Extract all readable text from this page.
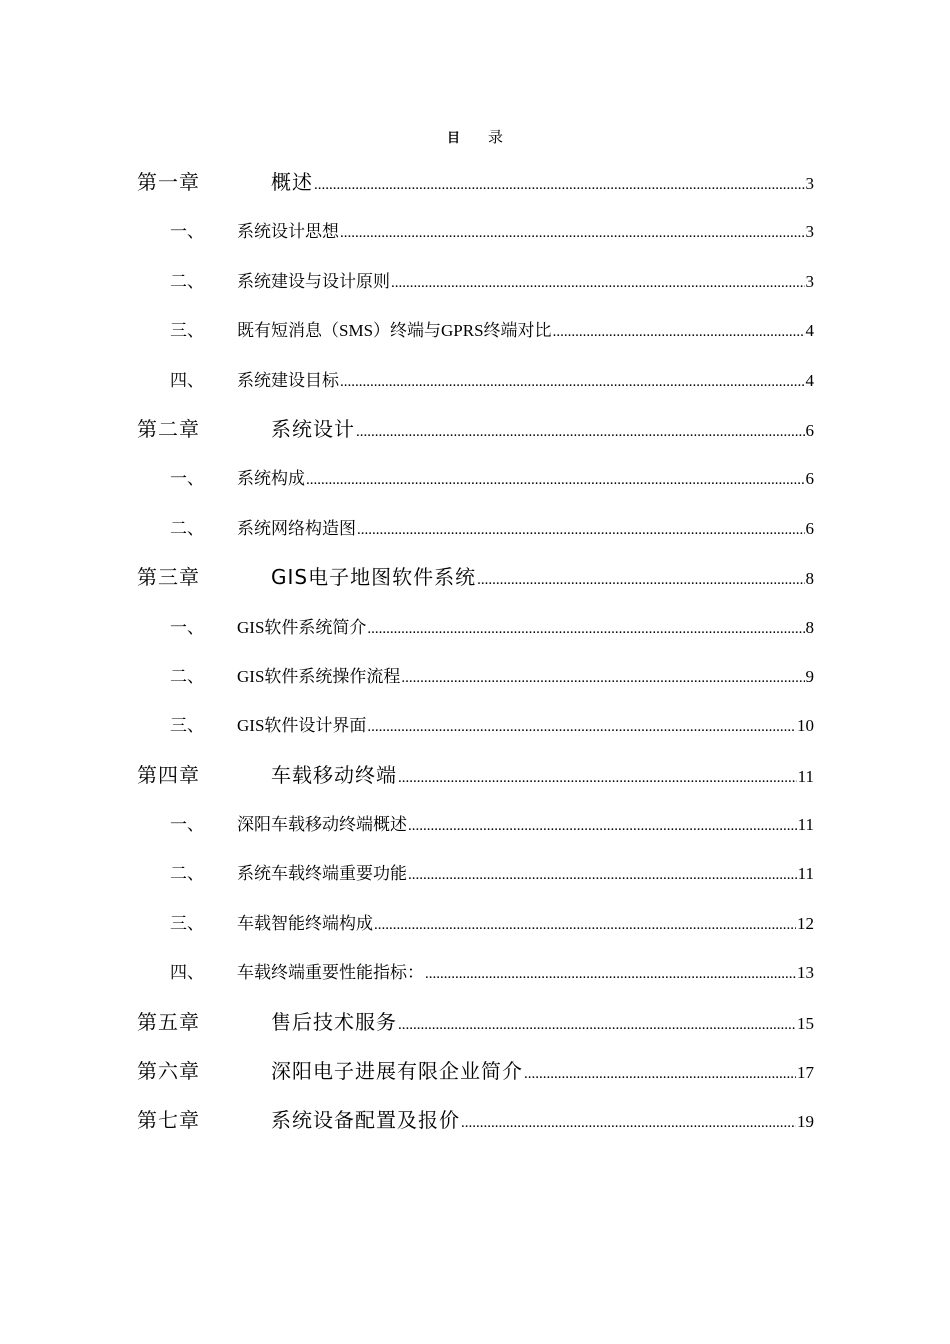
目 录
第一章	概述 .....	3
一、	系统设计思想 .....	3
二、	系统建设与设计原则 .....	3
三、	既有短消息（SMS）终端与GPRS终端对比 .....	4
四、	系统建设目标 .....	4
第二章	系统设计 .....	6
一、	系统构成 .....	6
二、	系统网络构造图 .....	6
第三章	GIS电子地图软件系统 .....	8
一、	GIS软件系统简介 .....	8
二、	GIS软件系统操作流程 .....	9
三、	GIS软件设计界面 .....	10
第四章	车载移动终端 .....	11
一、	深阳车载移动终端概述 .....	11
二、	系统车载终端重要功能 .....	11
三、	车载智能终端构成 .....	12
四、	车载终端重要性能指标： .....	13
第五章	售后技术服务 .....	15
第六章	深阳电子进展有限企业简介 .....	17
第七章	系统设备配置及报价 .....	19
